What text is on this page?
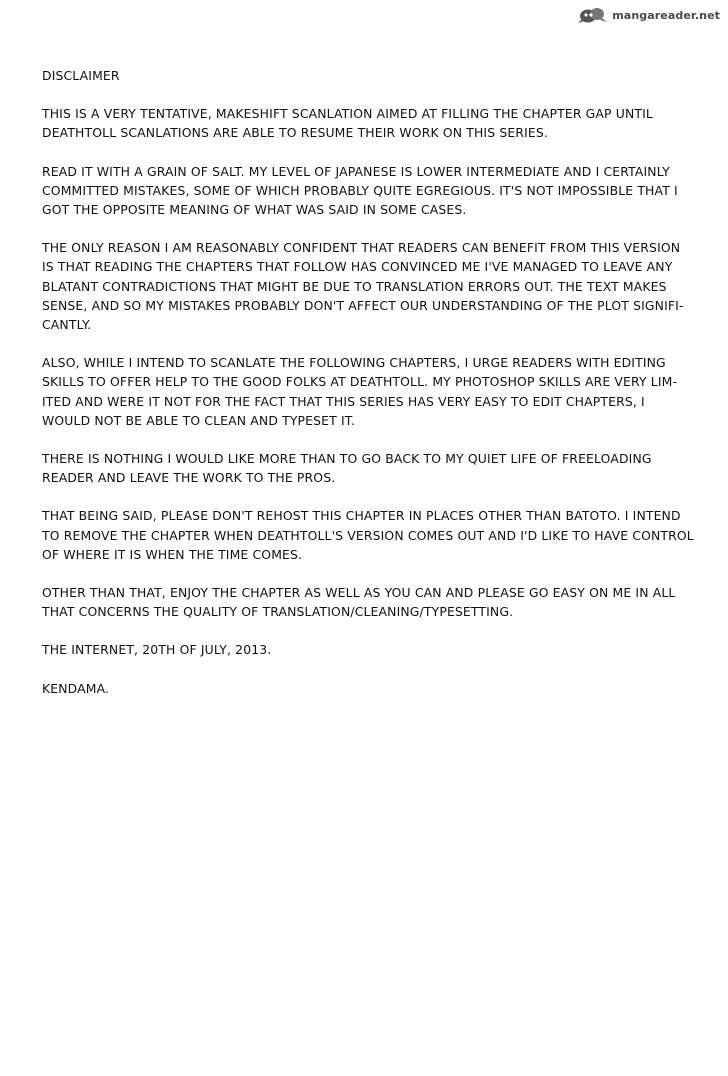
mangareader.net

DISCLAIMER

THIS IS A VERY TENTATIVE, MAKESHIFT SCANLATION AIMED AT FILLING THE CHAPTER GAP UNTIL
DEATHTOLL SCANLATIONS ARE ABLE TO RESUME THEIR WORK ON THIS SERIES.

READ IT WITH A GRAIN OF SALT. MY LEVEL OF JAPANESE IS LOWER INTERMEDIATE AND I CERTAINLY
COMMITTED MISTAKES, SOME OF WHICH PROBABLY QUITE EGREGIOUS. IT'S NOT IMPOSSIBLE THAT I
GOT THE OPPOSITE MEANING OF WHAT WAS SAID IN SOME CASES.

THE ONLY REASON I AM REASONABLY CONFIDENT THAT READERS CAN BENEFIT FROM THIS VERSION
IS THAT READING THE CHAPTERS THAT FOLLOW HAS CONVINCED ME I'VE MANAGED TO LEAVE ANY
BLATANT CONTRADICTIONS THAT MIGHT BE DUE TO TRANSLATION ERRORS OUT. THE TEXT MAKES
SENSE, AND SO MY MISTAKES PROBABLY DON'T AFFECT OUR UNDERSTANDING OF THE PLOT SIGNIFI-
CANTLY.

ALSO, WHILE I INTEND TO SCANLATE THE FOLLOWING CHAPTERS, I URGE READERS WITH EDITING
SKILLS TO OFFER HELP TO THE GOOD FOLKS AT DEATHTOLL. MY PHOTOSHOP SKILLS ARE VERY LIM-
ITED AND WERE IT NOT FOR THE FACT THAT THIS SERIES HAS VERY EASY TO EDIT CHAPTERS, I
WOULD NOT BE ABLE TO CLEAN AND TYPESET IT.

THERE IS NOTHING I WOULD LIKE MORE THAN TO GO BACK TO MY QUIET LIFE OF FREELOADING
READER AND LEAVE THE WORK TO THE PROS.

THAT BEING SAID, PLEASE DON'T REHOST THIS CHAPTER IN PLACES OTHER THAN BATOTO. I INTEND
TO REMOVE THE CHAPTER WHEN DEATHTOLL'S VERSION COMES OUT AND I'D LIKE TO HAVE CONTROL
OF WHERE IT IS WHEN THE TIME COMES.

OTHER THAN THAT, ENJOY THE CHAPTER AS WELL AS YOU CAN AND PLEASE GO EASY ON ME IN ALL
THAT CONCERNS THE QUALITY OF TRANSLATION/CLEANING/TYPESETTING.

THE INTERNET, 20TH OF JULY, 2013.

KENDAMA.
